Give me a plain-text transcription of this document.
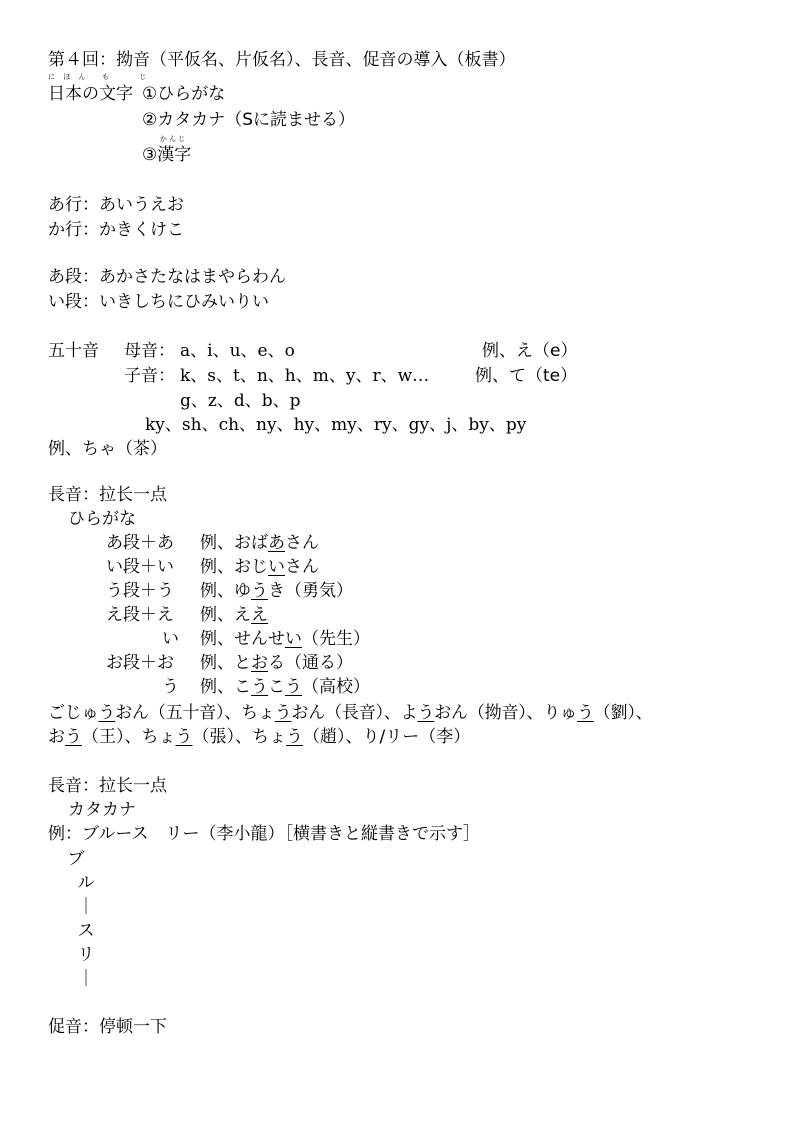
第４回：拗音（平仮名、片仮名）、長音、促音の導入（板書）
に ほ ん も じ
日本の文字 ①ひらがな
②カタカナ（Sに読ませる）
かんじ
③漢字
あ行：あいうえお
か行：かきくけこ
あ段：あかさたなはまやらわん
い段：いきしちにひみいりい
五十音 母音： a、i、u、e、o	例、え（e）
子音： k、s、t、n、h、m、y、r、w…	例、て（te）
g、z、d、b、p
ky、sh、ch、ny、hy、my、ry、gy、j、by、py
例、ちゃ（茶）
長音：拉长一点
ひらがな
あ段＋あ 例、おばあさん
い段＋い 例、おじいさん
う段＋う 例、ゆうき（勇気）
え段＋え 例、ええ
い 例、せんせい（先生）
お段＋お 例、とおる（通る）
う 例、こうこう（高校）
ごじゅうおん（五十音）、ちょうおん（長音）、ようおん（拗音）、りゅう（劉）、
おう（王）、ちょう（張）、ちょう（趙）、り/リー（李）
長音：拉长一点
カタカナ
例：ブルース　リー（李小龍）［横書きと縦書きで示す］
ブ
ル
｜
ス
リ
｜
促音：停顿一下
